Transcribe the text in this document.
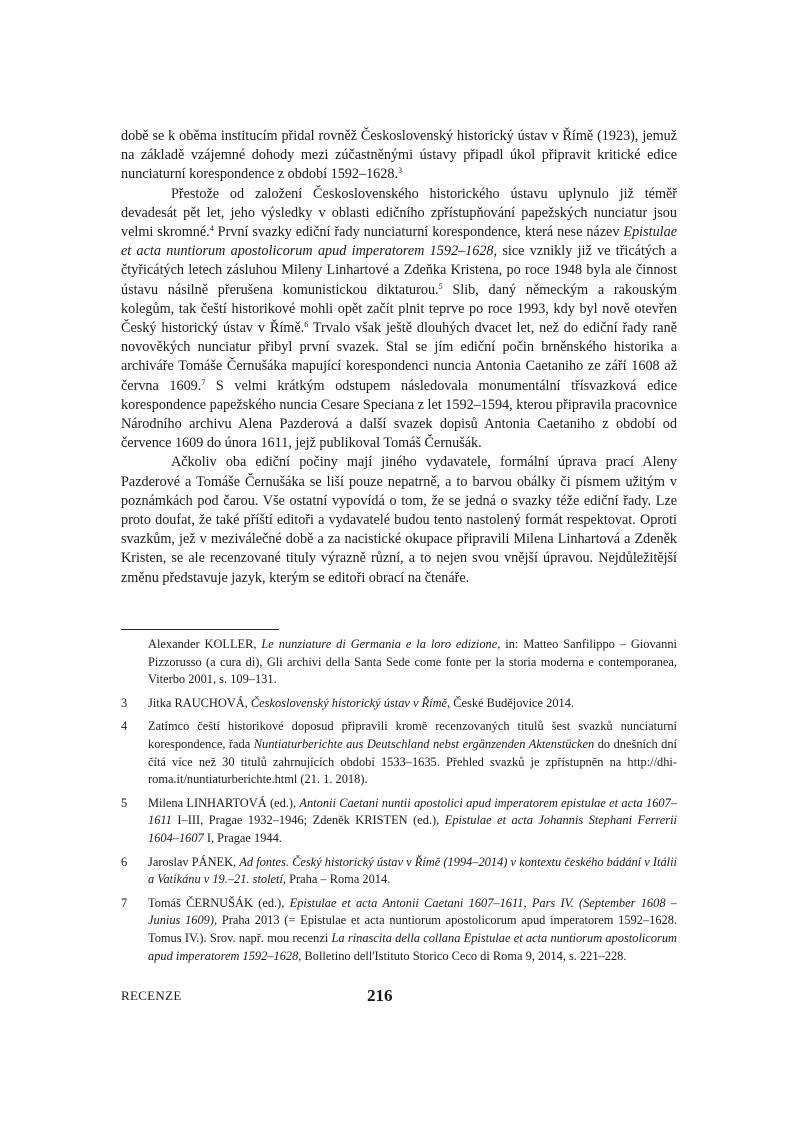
době se k oběma institucím přidal rovněž Československý historický ústav v Římě (1923), jemuž na základě vzájemné dohody mezi zúčastněnými ústavy připadl úkol připravit kritické edice nunciaturní korespondence z období 1592–1628.$^3$

Přestože od založení Československého historického ústavu uplynulo již téměř devadesát pět let, jeho výsledky v oblasti edičního zpřístupňování papežských nunciatur jsou velmi skromné.$^4$ První svazky ediční řady nunciaturní korespondence, která nese název Epistulae et acta nuntiorum apostolicorum apud imperatorem 1592–1628, sice vznikly již ve třicátých a čtyřicátých letech zásluhou Mileny Linhartové a Zdeňka Kristena, po roce 1948 byla ale činnost ústavu násilně přerušena komunistickou diktaturou.$^5$ Slib, daný německým a rakouským kolegům, tak čeští historikové mohli opět začít plnit teprve po roce 1993, kdy byl nově otevřen Český historický ústav v Římě.$^6$ Trvalo však ještě dlouhých dvacet let, než do ediční řady raně novověkých nunciatur přibyl první svazek. Stal se jím ediční počin brněnského historika a archiváře Tomáše Černušáka mapující korespondenci nuncia Antonia Caetaniho ze září 1608 až června 1609.$^7$ S velmi krátkým odstupem následovala monumentální třísvazková edice korespondence papežského nuncia Cesare Speciana z let 1592–1594, kterou připravila pracovnice Národního archivu Alena Pazderová a další svazek dopisů Antonia Caetaniho z období od července 1609 do února 1611, jejž publikoval Tomáš Černušák.

Ačkoliv oba ediční počiny mají jiného vydavatele, formální úprava prací Aleny Pazderové a Tomáše Černušáka se liší pouze nepatrně, a to barvou obálky či písmem užitým v poznámkách pod čarou. Vše ostatní vypovídá o tom, že se jedná o svazky téže ediční řady. Lze proto doufat, že také příští editoři a vydavatelé budou tento nastolený formát respektovat. Oproti svazkům, jež v meziválečné době a za nacistické okupace připravili Milena Linhartová a Zdeněk Kristen, se ale recenzované tituly výrazně různí, a to nejen svou vnější úpravou. Nejdůležitější změnu představuje jazyk, kterým se editoři obrací na čtenáře.

Alexander KOLLER, Le nunziature di Germania e la loro edizione, in: Matteo Sanfilippo – Giovanni Pizzorusso (a cura di), Gli archivi della Santa Sede come fonte per la storia moderna e contemporanea, Viterbo 2001, s. 109–131.
3	Jitka RAUCHOVÁ, Československý historický ústav v Římě, České Budějovice 2014.
4	Zatímco čeští historikové doposud připravili kromě recenzovaných titulů šest svazků nunciaturní korespondence, řada Nuntiaturberichte aus Deutschland nebst ergänzenden Aktenstücken do dnešních dní čítá více než 30 titulů zahrnujících období 1533–1635. Přehled svazků je zpřístupněn na http://dhi-roma.it/nuntiaturberichte.html (21. 1. 2018).
5	Milena LINHARTOVÁ (ed.), Antonii Caetani nuntii apostolici apud imperatorem epistulae et acta 1607–1611 I–III, Pragae 1932–1946; Zdeněk KRISTEN (ed.), Epistulae et acta Johannis Stephani Ferrerii 1604–1607 I, Pragae 1944.
6	Jaroslav PÁNEK, Ad fontes. Český historický ústav v Římě (1994–2014) v kontextu českého bádání v Itálii a Vatikánu v 19.–21. století, Praha – Roma 2014.
7	Tomáš ČERNUŠÁK (ed.), Epistulae et acta Antonii Caetani 1607–1611, Pars IV. (September 1608 – Junius 1609), Praha 2013 (= Epistulae et acta nuntiorum apostolicorum apud imperatorem 1592–1628. Tomus IV.). Srov. např. mou recenzi La rinascita della collana Epistulae et acta nuntiorum apostolicorum apud imperatorem 1592–1628, Bolletino dell'Istituto Storico Ceco di Roma 9, 2014, s. 221–228.
RECENZE	216
